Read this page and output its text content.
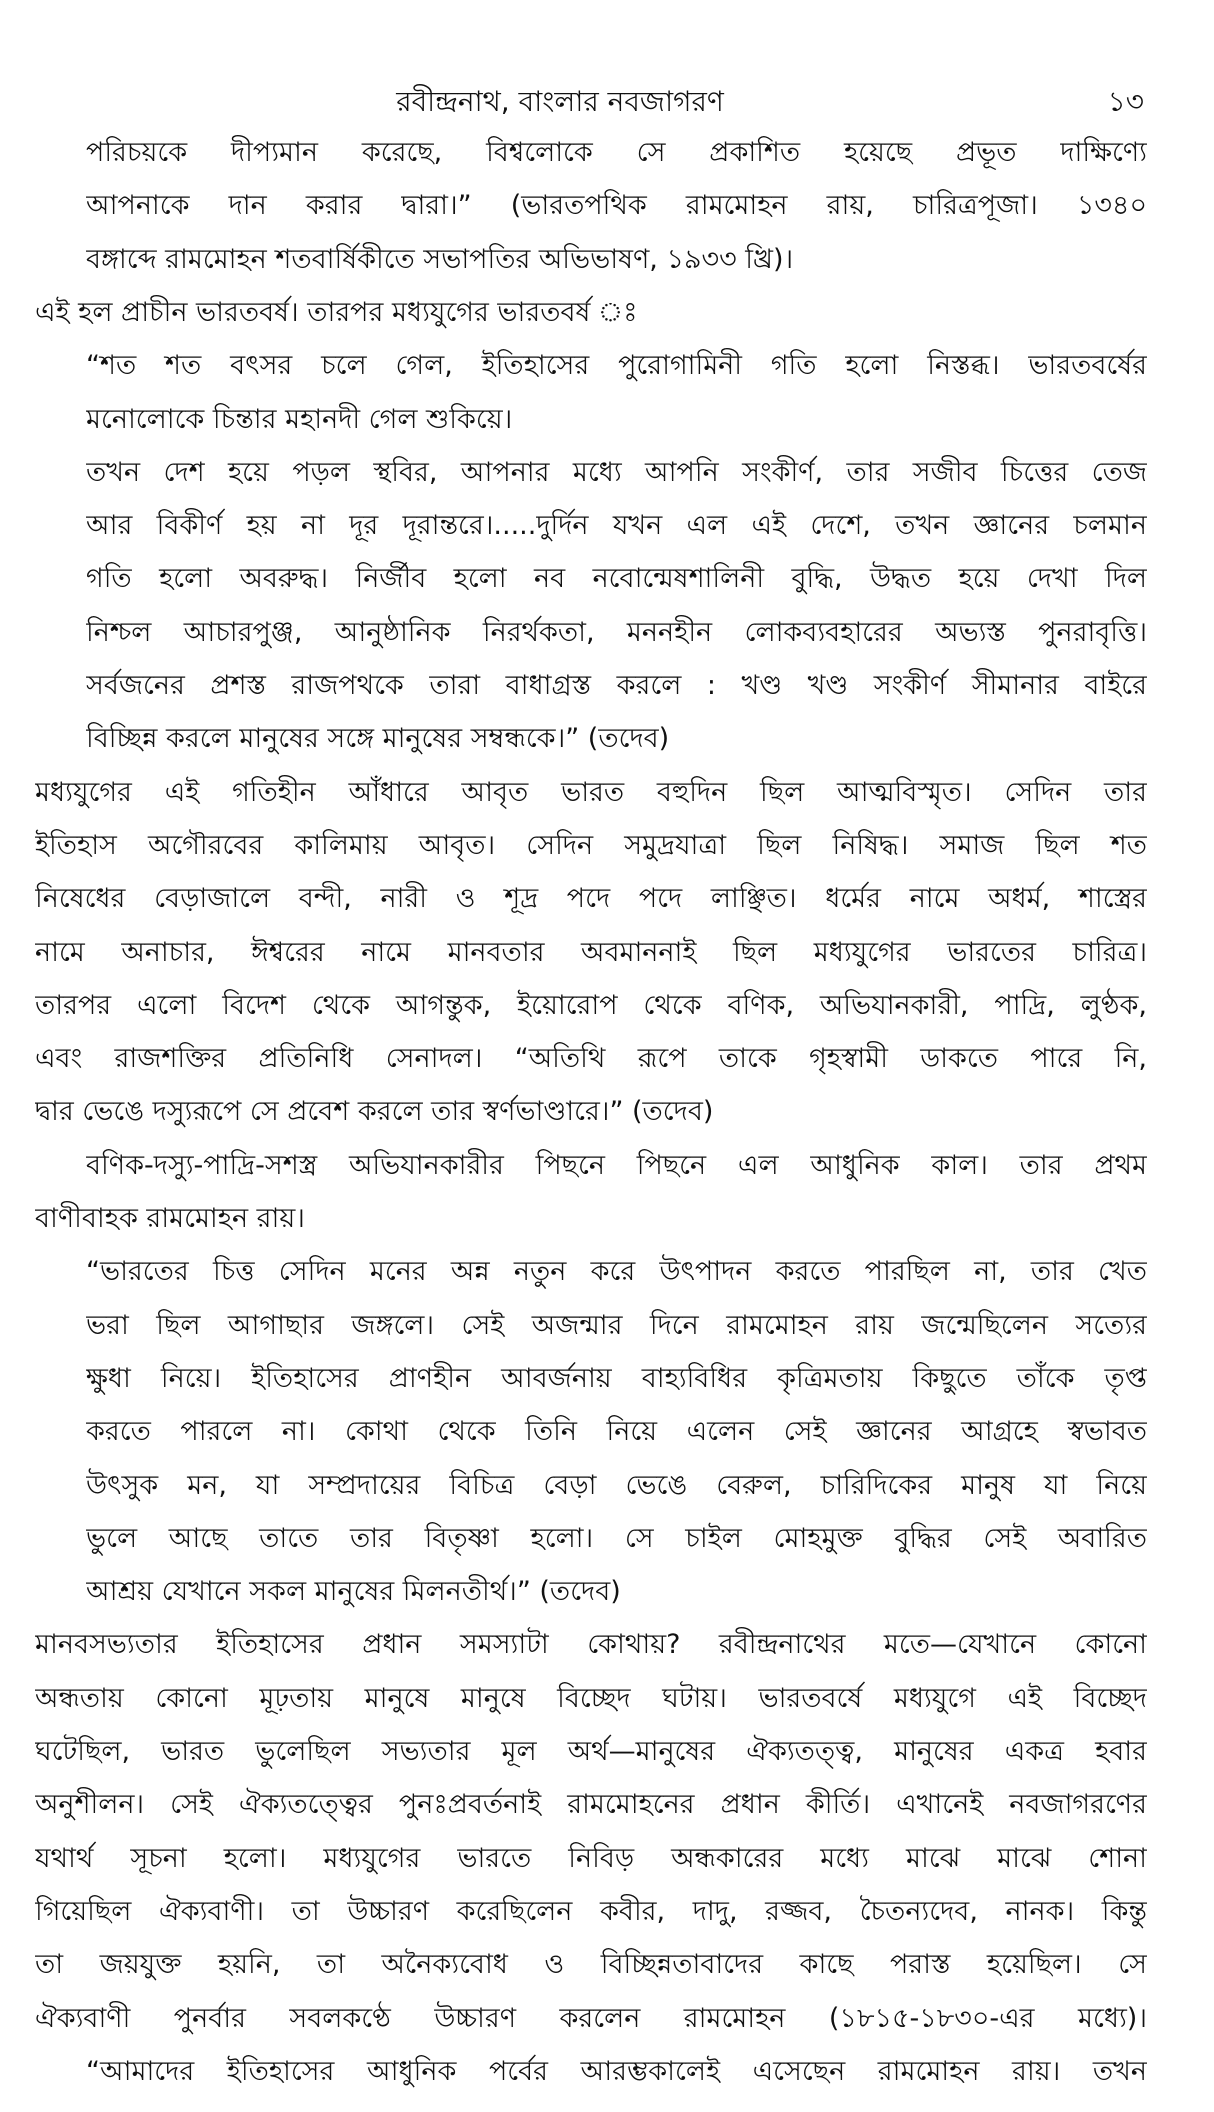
রবীন্দ্রনাথ, বাংলার নবজাগরণ	১৩
পরিচয়কে দীপ্যমান করেছে, বিশ্বলোকে সে প্রকাশিত হয়েছে প্রভূত দাক্ষিণ্যে
আপনাকে দান করার দ্বারা।” (ভারতপথিক রামমোহন রায়, চারিত্রপূজা। ১৩৪০
বঙ্গাব্দে রামমোহন শতবার্ষিকীতে সভাপতির অভিভাষণ, ১৯৩৩ খ্রি)।
এই হল প্রাচীন ভারতবর্ষ। তারপর মধ্যযুগের ভারতবর্ষ ঃ
“শত শত বৎসর চলে গেল, ইতিহাসের পুরোগামিনী গতি হলো নিস্তব্ধ। ভারতবর্ষের
মনোলোকে চিন্তার মহানদী গেল শুকিয়ে।
তখন দেশ হয়ে পড়ল স্থবির, আপনার মধ্যে আপনি সংকীর্ণ, তার সজীব চিত্তের তেজ
আর বিকীর্ণ হয় না দূর দূরান্তরে।.....দুর্দিন যখন এল এই দেশে, তখন জ্ঞানের চলমান
গতি হলো অবরুদ্ধ। নির্জীব হলো নব নবোন্মেষশালিনী বুদ্ধি, উদ্ধত হয়ে দেখা দিল
নিশ্চল আচারপুঞ্জ, আনুষ্ঠানিক নিরর্থকতা, মননহীন লোকব্যবহারের অভ্যস্ত পুনরাবৃত্তি।
সর্বজনের প্রশস্ত রাজপথকে তারা বাধাগ্রস্ত করলে : খণ্ড খণ্ড সংকীর্ণ সীমানার বাইরে
বিচ্ছিন্ন করলে মানুষের সঙ্গে মানুষের সম্বন্ধকে।” (তদেব)
মধ্যযুগের এই গতিহীন আঁধারে আবৃত ভারত বহুদিন ছিল আত্মবিস্মৃত। সেদিন তার
ইতিহাস অগৌরবের কালিমায় আবৃত। সেদিন সমুদ্রযাত্রা ছিল নিষিদ্ধ। সমাজ ছিল শত
নিষেধের বেড়াজালে বন্দী, নারী ও শূদ্র পদে পদে লাঞ্ছিত। ধর্মের নামে অধর্ম, শাস্ত্রের
নামে অনাচার, ঈশ্বরের নামে মানবতার অবমাননাই ছিল মধ্যযুগের ভারতের চারিত্র।
তারপর এলো বিদেশ থেকে আগন্তুক, ইয়োরোপ থেকে বণিক, অভিযানকারী, পাদ্রি, লুণ্ঠক,
এবং রাজশক্তির প্রতিনিধি সেনাদল। “অতিথি রূপে তাকে গৃহস্বামী ডাকতে পারে নি,
দ্বার ভেঙে দস্যুরূপে সে প্রবেশ করলে তার স্বর্ণভাণ্ডারে।” (তদেব)
বণিক-দস্যু-পাদ্রি-সশস্ত্র অভিযানকারীর পিছনে পিছনে এল আধুনিক কাল। তার প্রথম
বাণীবাহক রামমোহন রায়।
“ভারতের চিত্ত সেদিন মনের অন্ন নতুন করে উৎপাদন করতে পারছিল না, তার খেত
ভরা ছিল আগাছার জঙ্গলে। সেই অজন্মার দিনে রামমোহন রায় জন্মেছিলেন সত্যের
ক্ষুধা নিয়ে। ইতিহাসের প্রাণহীন আবর্জনায় বাহ্যবিধির কৃত্রিমতায় কিছুতে তাঁকে তৃপ্ত
করতে পারলে না। কোথা থেকে তিনি নিয়ে এলেন সেই জ্ঞানের আগ্রহে স্বভাবত
উৎসুক মন, যা সম্প্রদায়ের বিচিত্র বেড়া ভেঙে বেরুল, চারিদিকের মানুষ যা নিয়ে
ভুলে আছে তাতে তার বিতৃষ্ণা হলো। সে চাইল মোহমুক্ত বুদ্ধির সেই অবারিত
আশ্রয় যেখানে সকল মানুষের মিলনতীর্থ।” (তদেব)
মানবসভ্যতার ইতিহাসের প্রধান সমস্যাটা কোথায়? রবীন্দ্রনাথের মতে—যেখানে কোনো
অন্ধতায় কোনো মূঢ়তায় মানুষে মানুষে বিচ্ছেদ ঘটায়। ভারতবর্ষে মধ্যযুগে এই বিচ্ছেদ
ঘটেছিল, ভারত ভুলেছিল সভ্যতার মূল অর্থ—মানুষের ঐক্যতত্ত্ব, মানুষের একত্র হবার
অনুশীলন। সেই ঐক্যতত্ত্বের পুনঃপ্রবর্তনাই রামমোহনের প্রধান কীর্তি। এখানেই নবজাগরণের
যথার্থ সূচনা হলো। মধ্যযুগের ভারতে নিবিড় অন্ধকারের মধ্যে মাঝে মাঝে শোনা
গিয়েছিল ঐক্যবাণী। তা উচ্চারণ করেছিলেন কবীর, দাদু, রজ্জব, চৈতন্যদেব, নানক। কিন্তু
তা জয়যুক্ত হয়নি, তা অনৈক্যবোধ ও বিচ্ছিন্নতাবাদের কাছে পরাস্ত হয়েছিল। সে
ঐক্যবাণী পুনর্বার সবলকণ্ঠে উচ্চারণ করলেন রামমোহন (১৮১৫-১৮৩০-এর মধ্যে)।
“আমাদের ইতিহাসের আধুনিক পর্বের আরম্ভকালেই এসেছেন রামমোহন রায়। তখন
